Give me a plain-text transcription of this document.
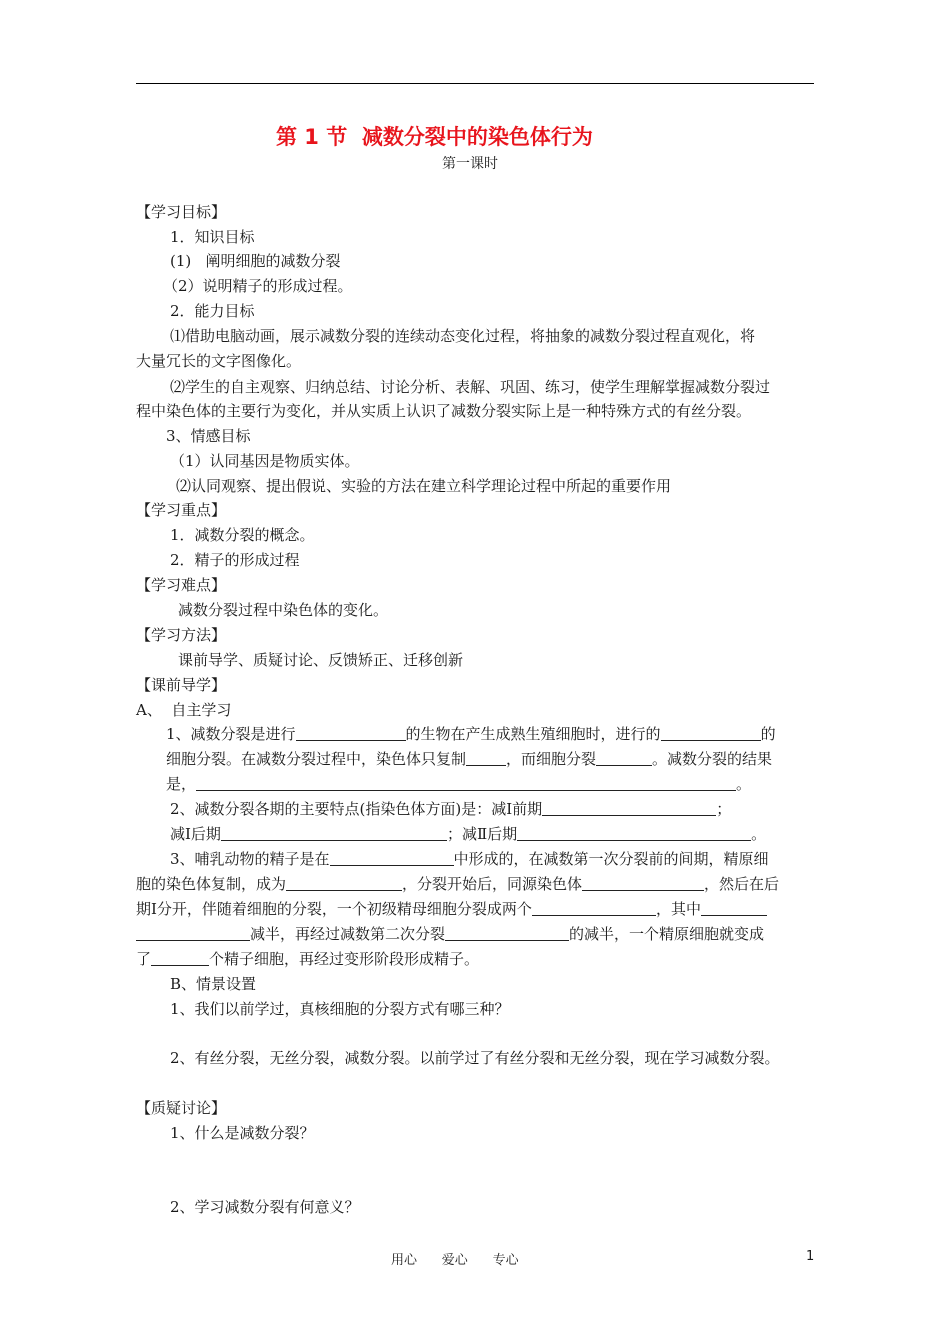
第 1 节  减数分裂中的染色体行为
第一课时
【学习目标】
1．知识目标
(1)   阐明细胞的减数分裂
（2）说明精子的形成过程。
2．能力目标
⑴借助电脑动画，展示减数分裂的连续动态变化过程，将抽象的减数分裂过程直观化，将
大量冗长的文字图像化。
⑵学生的自主观察、归纳总结、讨论分析、表解、巩固、练习，使学生理解掌握减数分裂过
程中染色体的主要行为变化，并从实质上认识了减数分裂实际上是一种特殊方式的有丝分裂。
3、情感目标
（1）认同基因是物质实体。
⑵认同观察、提出假说、实验的方法在建立科学理论过程中所起的重要作用
【学习重点】
1．减数分裂的概念。
2．精子的形成过程
【学习难点】
减数分裂过程中染色体的变化。
【学习方法】
课前导学、质疑讨论、反馈矫正、迁移创新
【课前导学】
A、  自主学习
1、减数分裂是进行	的生物在产生成熟生殖细胞时，进行的	的
细胞分裂。在减数分裂过程中，染色体只复制	，而细胞分裂	。减数分裂的结果
是，	。
2、减数分裂各期的主要特点(指染色体方面)是：减Ⅰ前期	；
减Ⅰ后期	；减Ⅱ后期	。
3、哺乳动物的精子是在	中形成的，在减数第一次分裂前的间期，精原细
胞的染色体复制，成为	，分裂开始后，同源染色体	，然后在后
期Ⅰ分开，伴随着细胞的分裂，一个初级精母细胞分裂成两个	，其中
减半，再经过减数第二次分裂	的减半，一个精原细胞就变成
了	个精子细胞，再经过变形阶段形成精子。
B、情景设置
1、我们以前学过，真核细胞的分裂方式有哪三种？
2、有丝分裂，无丝分裂，减数分裂。以前学过了有丝分裂和无丝分裂，现在学习减数分裂。
【质疑讨论】
1、什么是减数分裂？
2、学习减数分裂有何意义？
用心      爱心      专心	1
